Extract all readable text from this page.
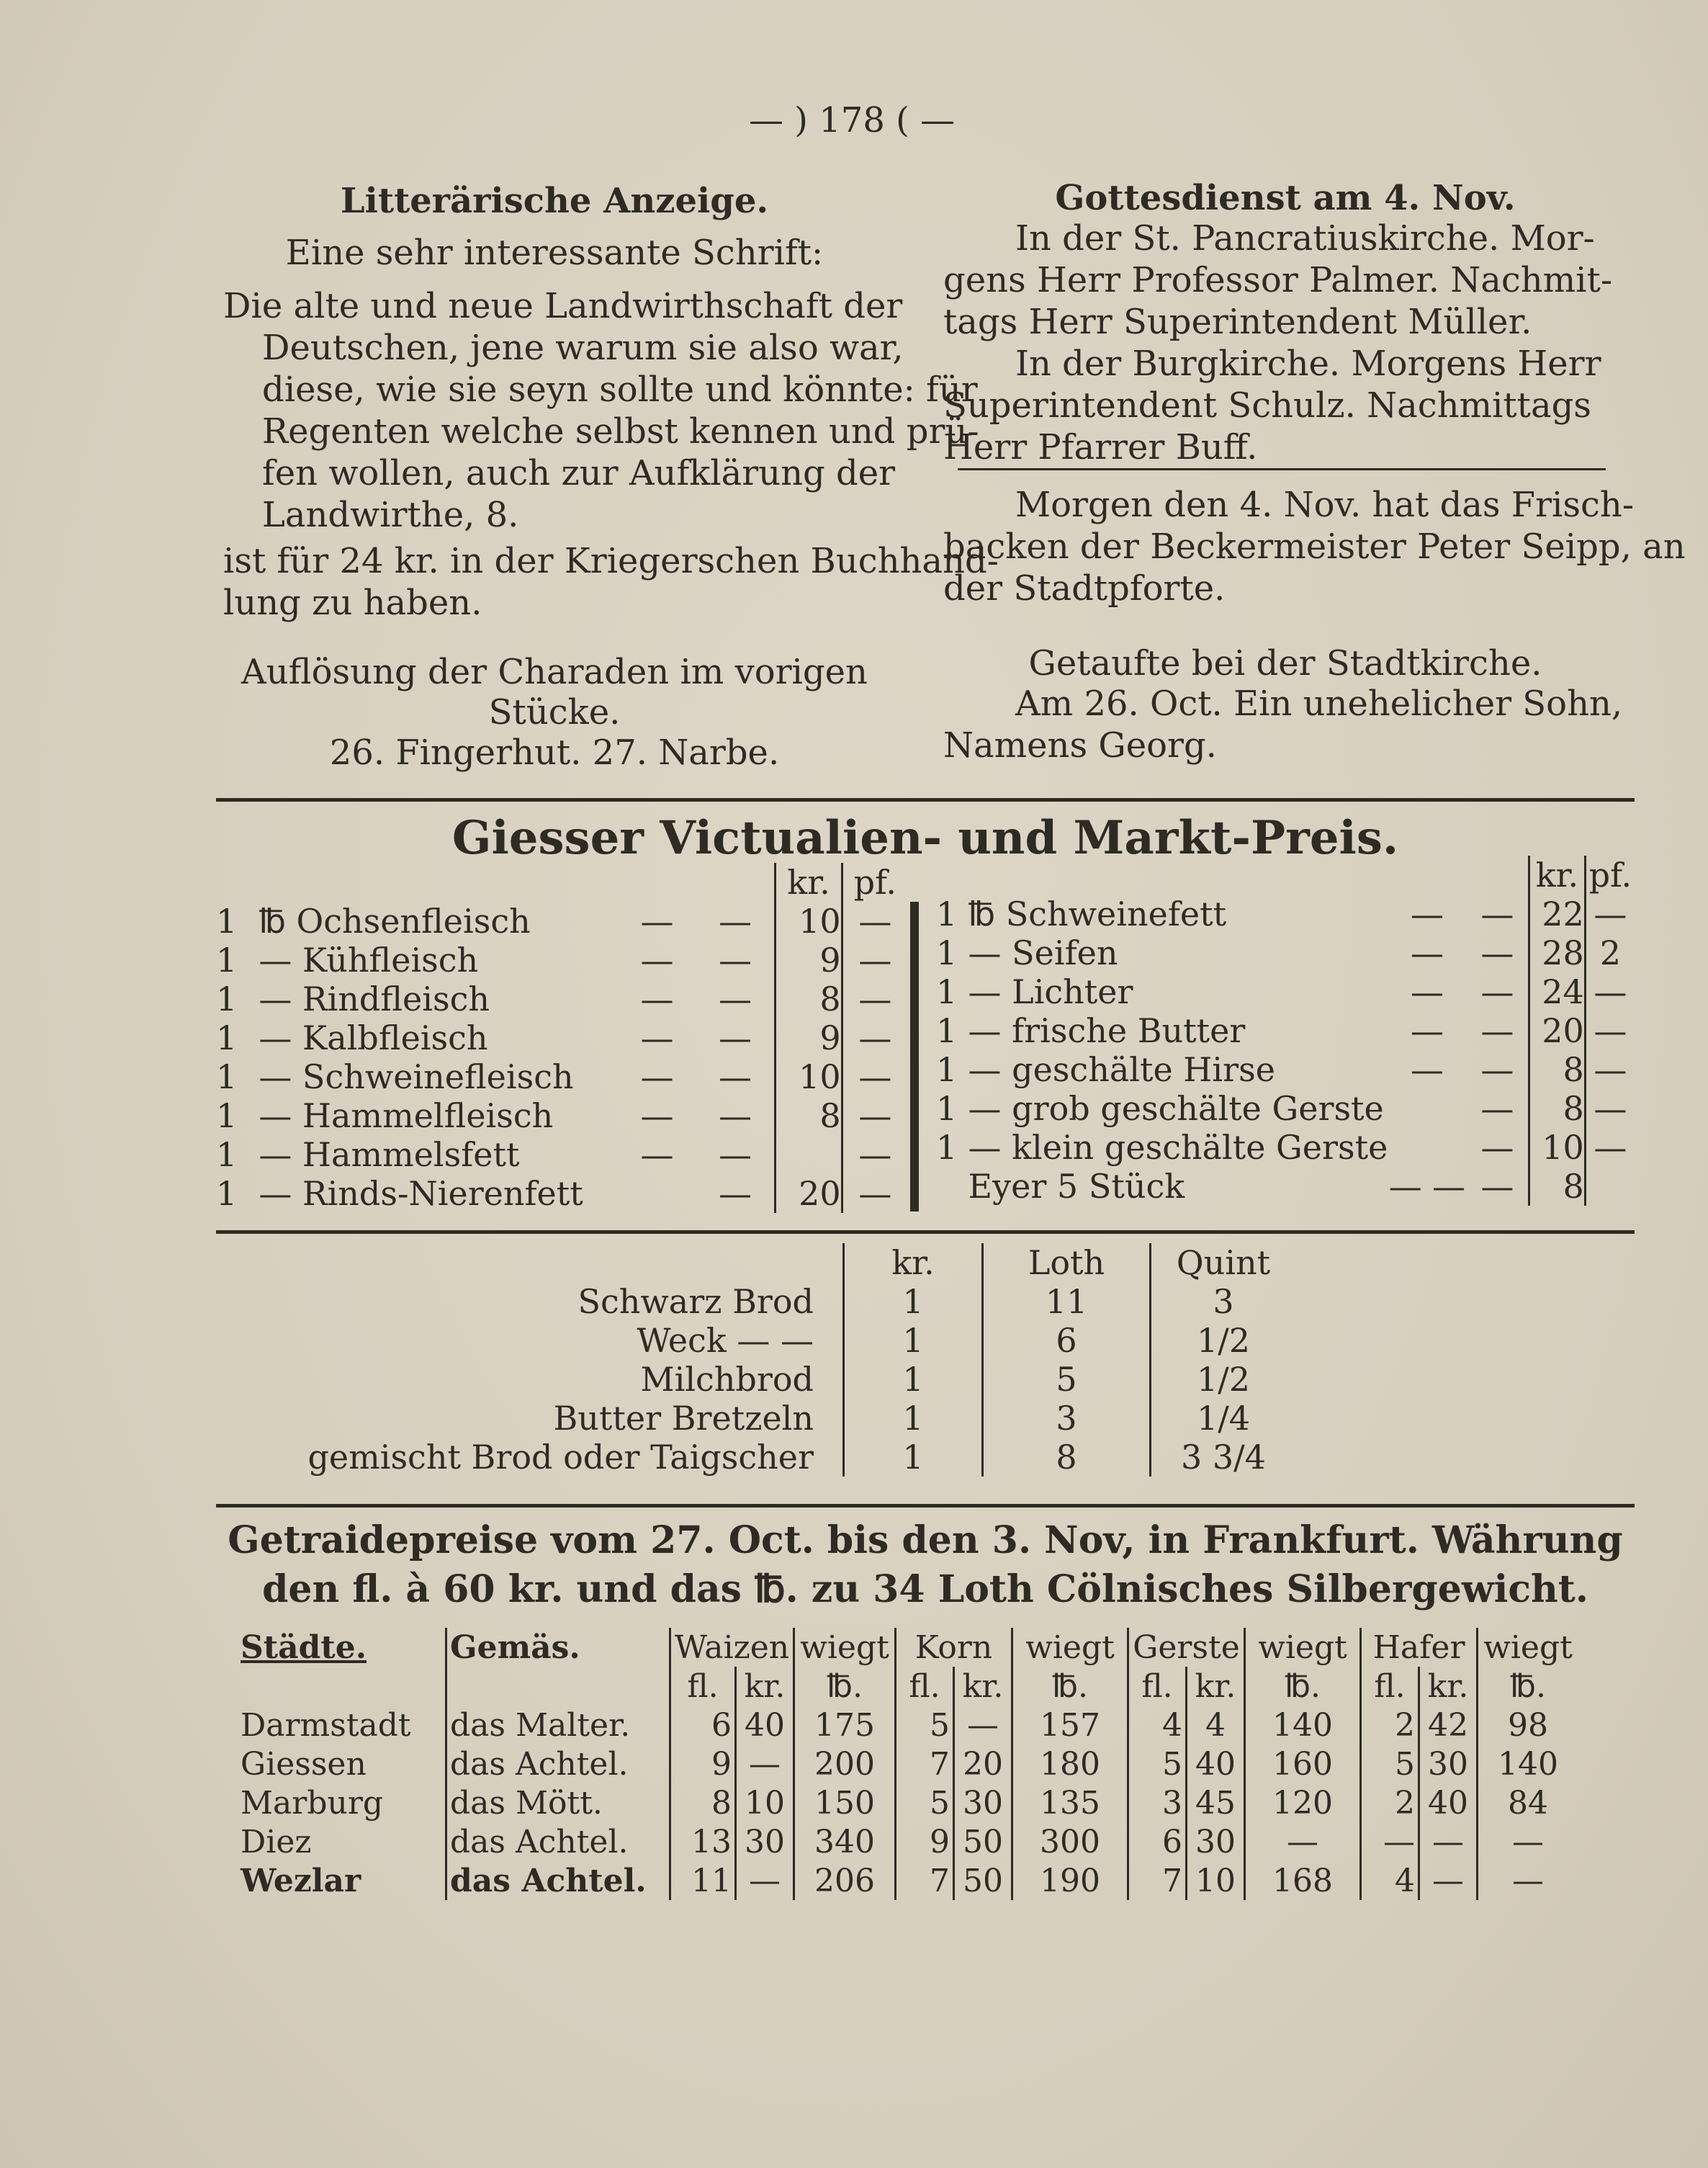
— ) 178 ( —
Litterärische Anzeige.
Eine sehr interessante Schrift:
Die alte und neue Landwirthschaft der
Deutschen, jene warum sie also war,
diese, wie sie seyn sollte und könnte: für
Regenten welche selbst kennen und prü-
fen wollen, auch zur Aufklärung der
Landwirthe, 8.
ist für 24 kr. in der Kriegerschen Buchhand-
lung zu haben.
Auflösung der Charaden im vorigen
Stücke.
26. Fingerhut. 27. Narbe.
Gottesdienst am 4. Nov.
In der St. Pancratiuskirche. Mor-
gens Herr Professor Palmer. Nachmit-
tags Herr Superintendent Müller.
In der Burgkirche. Morgens Herr
Superintendent Schulz. Nachmittags
Herr Pfarrer Buff.
Morgen den 4. Nov. hat das Frisch-
backen der Beckermeister Peter Seipp, an
der Stadtpforte.
Getaufte bei der Stadtkirche.
Am 26. Oct. Ein unehelicher Sohn,
Namens Georg.
Giesser Victualien- und Markt-Preis.
				kr.	pf.
1	℔ Ochsenfleisch	—	—	10	—
1	— Kühfleisch	—	—	9	—
1	— Rindfleisch	—	—	8	—
1	— Kalbfleisch	—	—	9	—
1	— Schweinefleisch	—	—	10	—
1	— Hammelfleisch	—	—	8	—
1	— Hammelsfett	—	—		—
1	— Rinds-Nierenfett		—	20	—
				kr.	pf.
1	℔ Schweinefett	—	—	22	—
1	— Seifen	—	—	28	2
1	— Lichter	—	—	24	—
1	— frische Butter	—	—	20	—
1	— geschälte Hirse	—	—	8	—
1	— grob geschälte Gerste		—	8	—
1	— klein geschälte Gerste		—	10	—
	Eyer 5 Stück	— —	—	8	
	kr.	Loth	Quint
Schwarz Brod	1	11	3
Weck — —	1	6	1/2
Milchbrod	1	5	1/2
Butter Bretzeln	1	3	1/4
gemischt Brod oder Taigscher	1	8	3 3/4
Getraidepreise vom 27. Oct. bis den 3. Nov, in Frankfurt. Währung
den fl. à 60 kr. und das ℔. zu 34 Loth Cölnisches Silbergewicht.
Städte.	Gemäs.	Waizen		wiegt	Korn		wiegt	Gerste		wiegt	Hafer		wiegt
		fl.	kr.	℔.	fl.	kr.	℔.	fl.	kr.	℔.	fl.	kr.	℔.
Darmstadt	das Malter.	6	40	175	5	—	157	4	4	140	2	42	98
Giessen	das Achtel.	9	—	200	7	20	180	5	40	160	5	30	140
Marburg	das Mött.	8	10	150	5	30	135	3	45	120	2	40	84
Diez	das Achtel.	13	30	340	9	50	300	6	30	—	—	—	—
Wezlar	das Achtel.	11	—	206	7	50	190	7	10	168	4	—	—
